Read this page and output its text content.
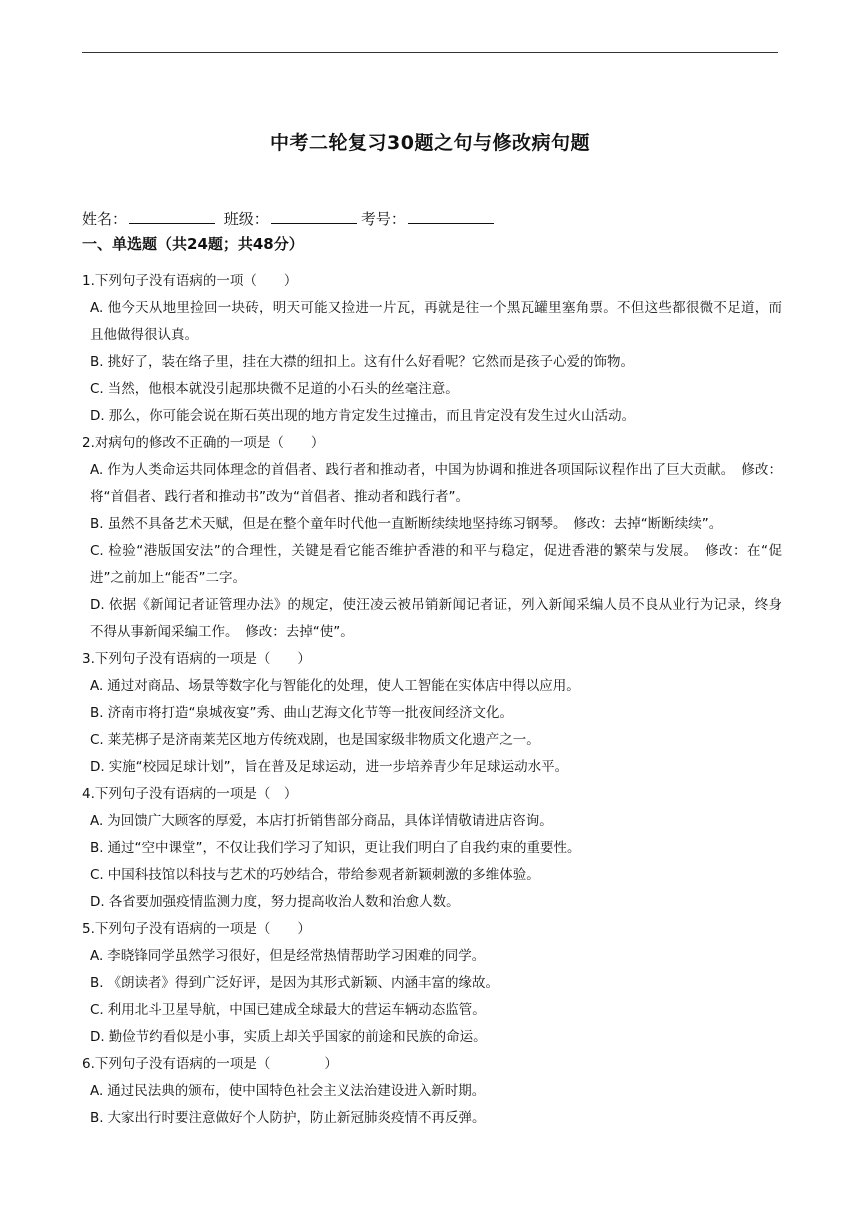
中考二轮复习30题之句与修改病句题
姓名：	班级：	考号：
一、单选题（共24题；共48分）
1.下列句子没有语病的一项（　　）
A. 他今天从地里捡回一块砖，明天可能又捡进一片瓦，再就是往一个黑瓦罐里塞角票。不但这些都很微不足道，而且他做得很认真。
B. 挑好了，装在络子里，挂在大襟的纽扣上。这有什么好看呢？它然而是孩子心爱的饰物。
C. 当然，他根本就没引起那块微不足道的小石头的丝毫注意。
D. 那么，你可能会说在斯石英出现的地方肯定发生过撞击，而且肯定没有发生过火山活动。
2.对病句的修改不正确的一项是（　　）
A. 作为人类命运共同体理念的首倡者、践行者和推动者，中国为协调和推进各项国际议程作出了巨大贡献。　修改：将“首倡者、践行者和推动书”改为“首倡者、推动者和践行者”。
B. 虽然不具备艺术天赋，但是在整个童年时代他一直断断续续地坚持练习钢琴。　修改：去掉“断断续续”。
C. 检验“港版国安法”的合理性，关键是看它能否维护香港的和平与稳定，促进香港的繁荣与发展。　修改：在“促进”之前加上“能否”二字。
D. 依据《新闻记者证管理办法》的规定，使汪凌云被吊销新闻记者证，列入新闻采编人员不良从业行为记录，终身不得从事新闻采编工作。　修改：去掉“使”。
3.下列句子没有语病的一项是（　　）
A. 通过对商品、场景等数字化与智能化的处理，使人工智能在实体店中得以应用。
B. 济南市将打造“泉城夜宴”秀、曲山艺海文化节等一批夜间经济文化。
C. 莱芜梆子是济南莱芜区地方传统戏剧，也是国家级非物质文化遗产之一。
D. 实施“校园足球计划”，旨在普及足球运动，进一步培养青少年足球运动水平。
4.下列句子没有语病的一项是（　）
A. 为回馈广大顾客的厚爱，本店打折销售部分商品，具体详情敬请进店咨询。
B. 通过“空中课堂”，不仅让我们学习了知识，更让我们明白了自我约束的重要性。
C. 中国科技馆以科技与艺术的巧妙结合，带给参观者新颖刺激的多维体验。
D. 各省要加强疫情监测力度，努力提高收治人数和治愈人数。
5.下列句子没有语病的一项是（　　）
A. 李晓锋同学虽然学习很好，但是经常热情帮助学习困难的同学。
B. 《朗读者》得到广泛好评，是因为其形式新颖、内涵丰富的缘故。
C. 利用北斗卫星导航，中国已建成全球最大的营运车辆动态监管。
D. 勤俭节约看似是小事，实质上却关乎国家的前途和民族的命运。
6.下列句子没有语病的一项是（　　　　）
A. 通过民法典的颁布，使中国特色社会主义法治建设进入新时期。
B. 大家出行时要注意做好个人防护，防止新冠肺炎疫情不再反弹。
